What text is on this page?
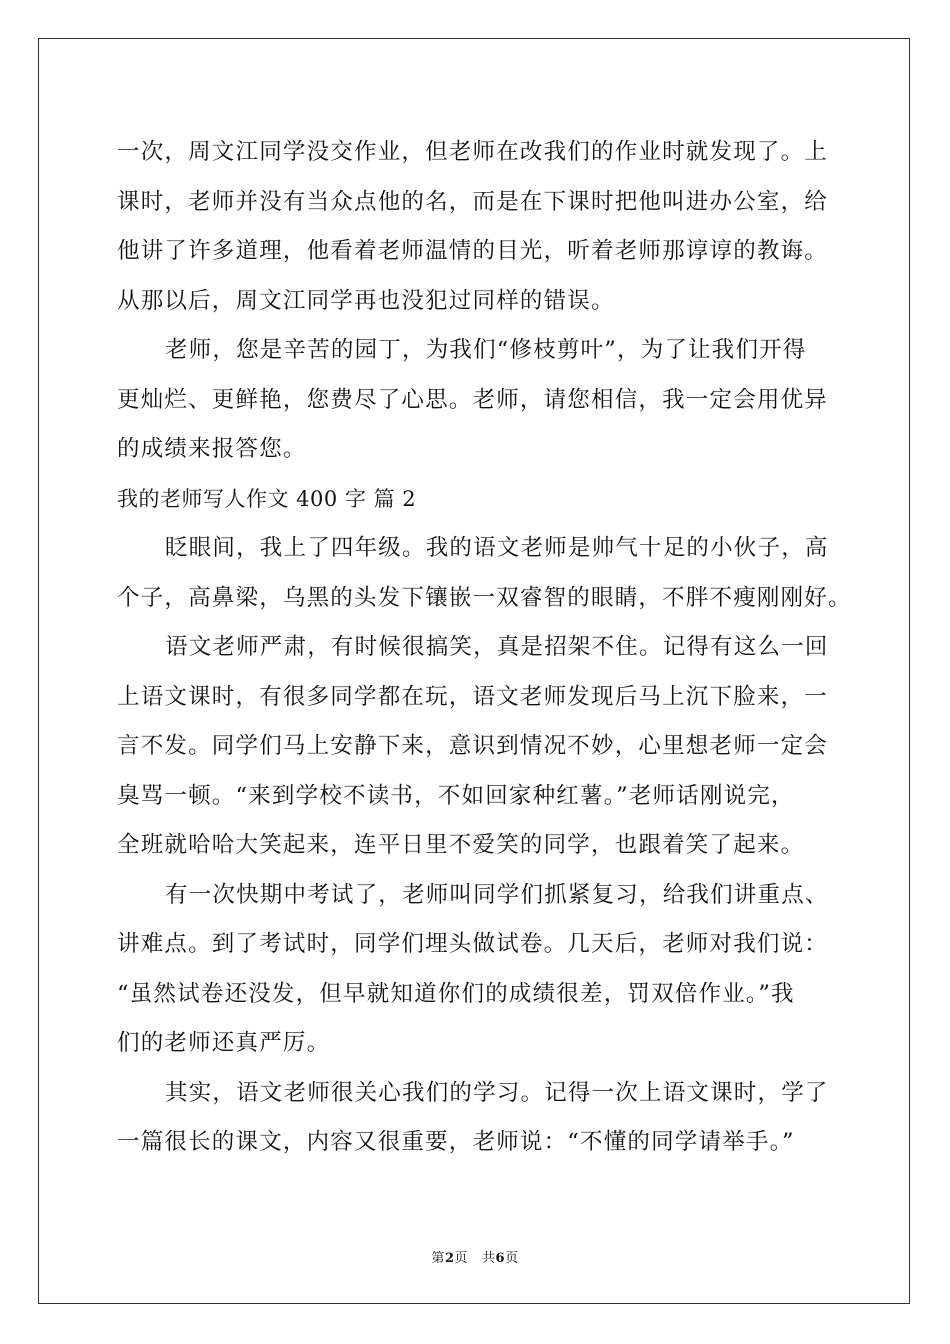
一次，周文江同学没交作业，但老师在改我们的作业时就发现了。上
课时，老师并没有当众点他的名，而是在下课时把他叫进办公室，给
他讲了许多道理，他看着老师温情的目光，听着老师那谆谆的教诲。
从那以后，周文江同学再也没犯过同样的错误。
老师，您是辛苦的园丁，为我们“修枝剪叶”，为了让我们开得
更灿烂、更鲜艳，您费尽了心思。老师，请您相信，我一定会用优异
的成绩来报答您。
我的老师写人作文 400 字 篇 2
眨眼间，我上了四年级。我的语文老师是帅气十足的小伙子，高
个子，高鼻梁，乌黑的头发下镶嵌一双睿智的眼睛，不胖不瘦刚刚好。
语文老师严肃，有时候很搞笑，真是招架不住。记得有这么一回
上语文课时，有很多同学都在玩，语文老师发现后马上沉下脸来，一
言不发。同学们马上安静下来，意识到情况不妙，心里想老师一定会
臭骂一顿。“来到学校不读书，不如回家种红薯。”老师话刚说完，
全班就哈哈大笑起来，连平日里不爱笑的同学，也跟着笑了起来。
有一次快期中考试了，老师叫同学们抓紧复习，给我们讲重点、
讲难点。到了考试时，同学们埋头做试卷。几天后，老师对我们说：
“虽然试卷还没发，但早就知道你们的成绩很差，罚双倍作业。”我
们的老师还真严厉。
其实，语文老师很关心我们的学习。记得一次上语文课时，学了
一篇很长的课文，内容又很重要，老师说：“不懂的同学请举手。”
第2页 共6页
